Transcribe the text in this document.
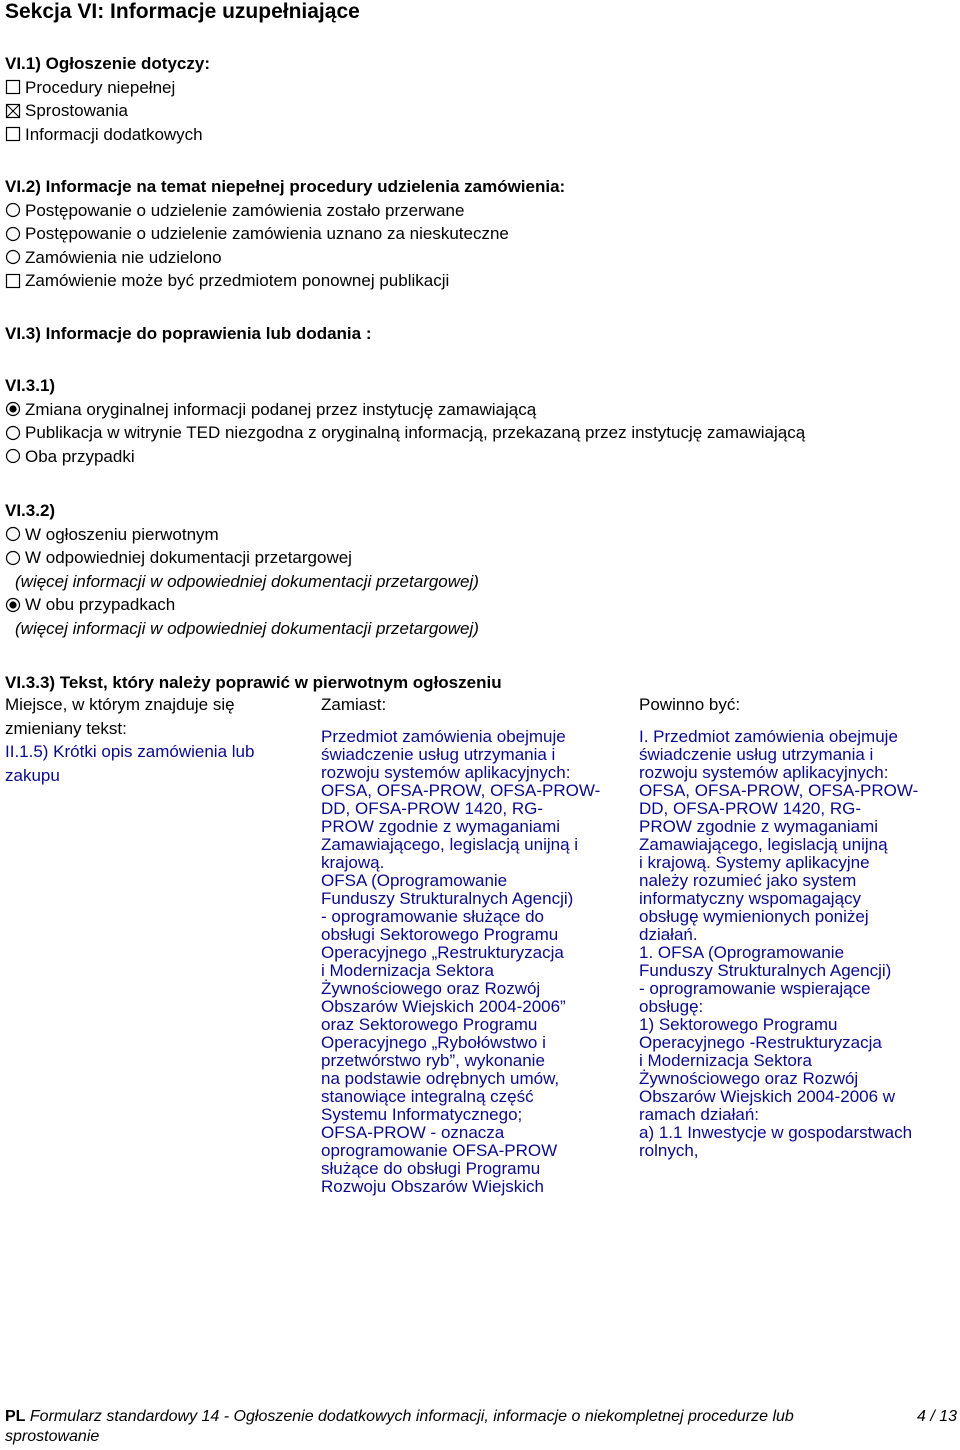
Sekcja VI: Informacje uzupełniające
VI.1) Ogłoszenie dotyczy:
Procedury niepełnej
Sprostowania
Informacji dodatkowych
VI.2) Informacje na temat niepełnej procedury udzielenia zamówienia:
Postępowanie o udzielenie zamówienia zostało przerwane
Postępowanie o udzielenie zamówienia uznano za nieskuteczne
Zamówienia nie udzielono
Zamówienie może być przedmiotem ponownej publikacji
VI.3) Informacje do poprawienia lub dodania :
VI.3.1)
Zmiana oryginalnej informacji podanej przez instytucję zamawiającą
Publikacja w witrynie TED niezgodna z oryginalną informacją, przekazaną przez instytucję zamawiającą
Oba przypadki
VI.3.2)
W ogłoszeniu pierwotnym
W odpowiedniej dokumentacji przetargowej
(więcej informacji w odpowiedniej dokumentacji przetargowej)
W obu przypadkach
(więcej informacji w odpowiedniej dokumentacji przetargowej)
VI.3.3) Tekst, który należy poprawić w pierwotnym ogłoszeniu
Miejsce, w którym znajduje się zmieniany tekst:
II.1.5) Krótki opis zamówienia lub zakupu
Zamiast:
Przedmiot zamówienia obejmuje
świadczenie usług utrzymania i
rozwoju systemów aplikacyjnych:
OFSA, OFSA-PROW, OFSA-PROW-
DD, OFSA-PROW 1420, RG-
PROW zgodnie z wymaganiami
Zamawiającego, legislacją unijną i
krajową.
OFSA (Oprogramowanie
Funduszy Strukturalnych Agencji)
- oprogramowanie służące do
obsługi Sektorowego Programu
Operacyjnego „Restrukturyzacja
i Modernizacja Sektora
Żywnościowego oraz Rozwój
Obszarów Wiejskich 2004-2006”
oraz Sektorowego Programu
Operacyjnego „Rybołówstwo i
przetwórstwo ryb”, wykonanie
na podstawie odrębnych umów,
stanowiące integralną część
Systemu Informatycznego;
OFSA-PROW - oznacza
oprogramowanie OFSA-PROW
służące do obsługi Programu
Rozwoju Obszarów Wiejskich
Powinno być:
I. Przedmiot zamówienia obejmuje
świadczenie usług utrzymania i
rozwoju systemów aplikacyjnych:
OFSA, OFSA-PROW, OFSA-PROW-
DD, OFSA-PROW 1420, RG-
PROW zgodnie z wymaganiami
Zamawiającego, legislacją unijną
i krajową. Systemy aplikacyjne
należy rozumieć jako system
informatyczny wspomagający
obsługę wymienionych poniżej
działań.
1. OFSA (Oprogramowanie
Funduszy Strukturalnych Agencji)
- oprogramowanie wspierające
obsługę:
1) Sektorowego Programu
Operacyjnego -Restrukturyzacja
i Modernizacja Sektora
Żywnościowego oraz Rozwój
Obszarów Wiejskich 2004-2006 w
ramach działań:
a) 1.1 Inwestycje w gospodarstwach
rolnych,
PL Formularz standardowy 14 - Ogłoszenie dodatkowych informacji, informacje o niekompletnej procedurze lub sprostowanie
4 / 13
